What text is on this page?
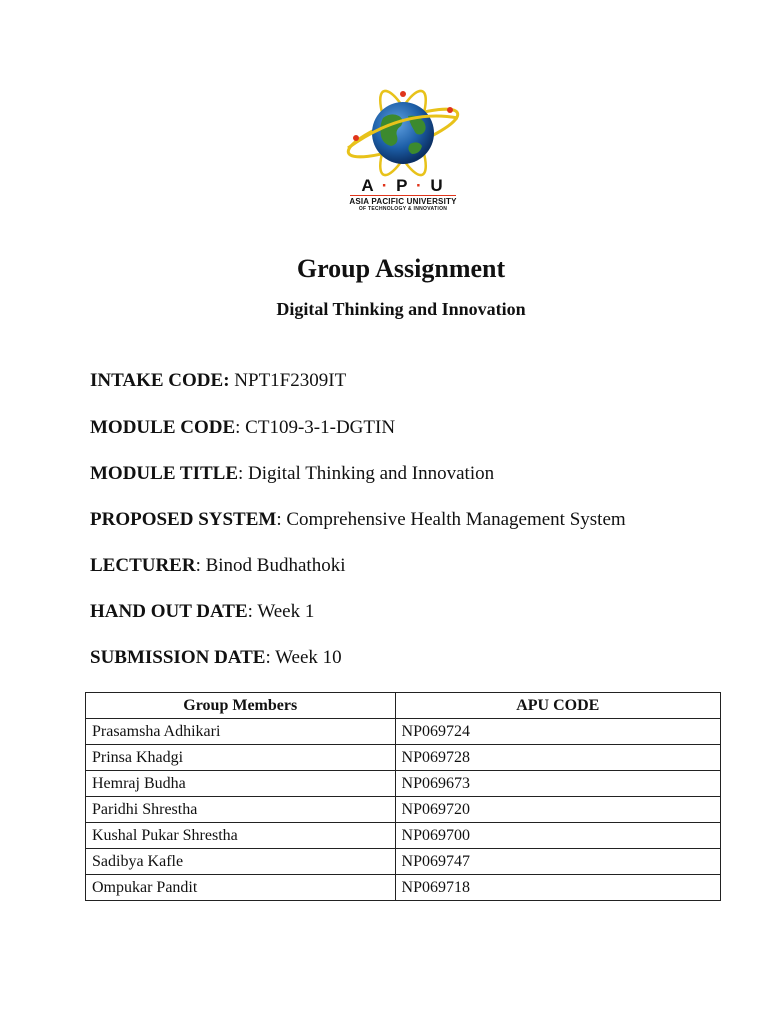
A · P · U
ASIA PACIFIC UNIVERSITY
OF TECHNOLOGY & INNOVATION
Group Assignment
Digital Thinking and Innovation
INTAKE CODE: NPT1F2309IT
MODULE CODE: CT109-3-1-DGTIN
MODULE TITLE: Digital Thinking and Innovation
PROPOSED SYSTEM: Comprehensive Health Management System
LECTURER: Binod Budhathoki
HAND OUT DATE: Week 1
SUBMISSION DATE: Week 10
Group Members	APU CODE
Prasamsha Adhikari	NP069724
Prinsa Khadgi	NP069728
Hemraj Budha	NP069673
Paridhi Shrestha	NP069720
Kushal Pukar Shrestha	NP069700
Sadibya Kafle	NP069747
Ompukar Pandit	NP069718
